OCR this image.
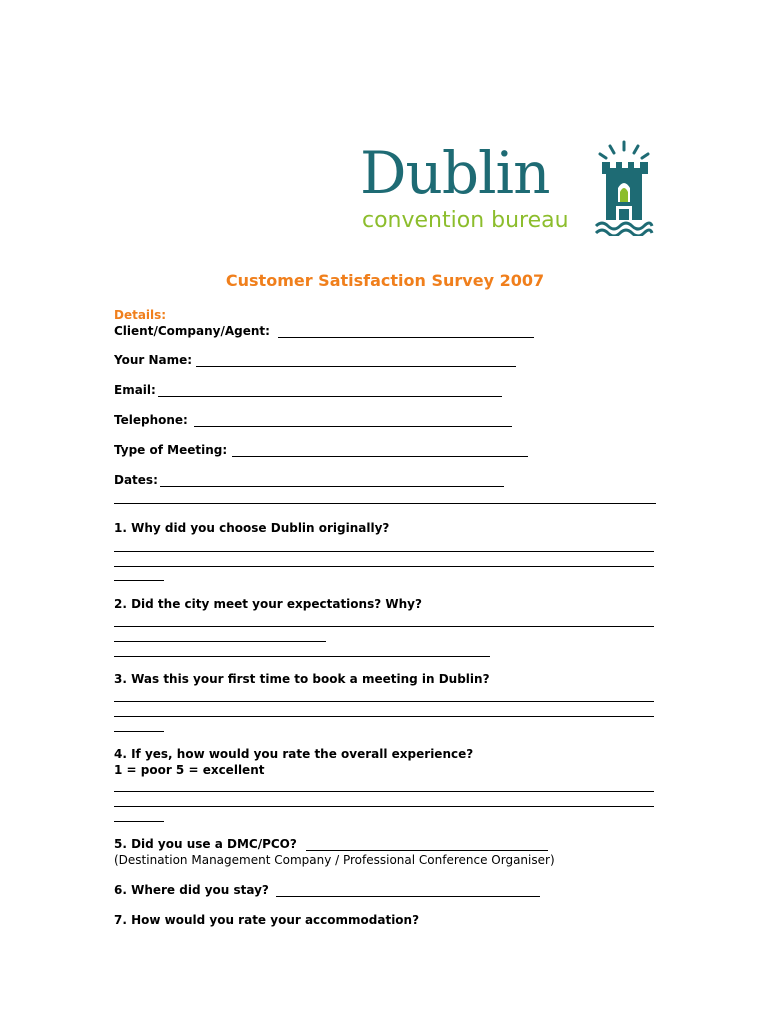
Dublin
convention bureau
Customer Satisfaction Survey 2007
Details:
Client/Company/Agent:
Your Name:
Email:
Telephone:
Type of Meeting:
Dates:
1. Why did you choose Dublin originally?
2. Did the city meet your expectations? Why?
3. Was this your first time to book a meeting in Dublin?
4. If yes, how would you rate the overall experience?
1 = poor 5 = excellent
5. Did you use a DMC/PCO?
(Destination Management Company / Professional Conference Organiser)
6. Where did you stay?
7. How would you rate your accommodation?
